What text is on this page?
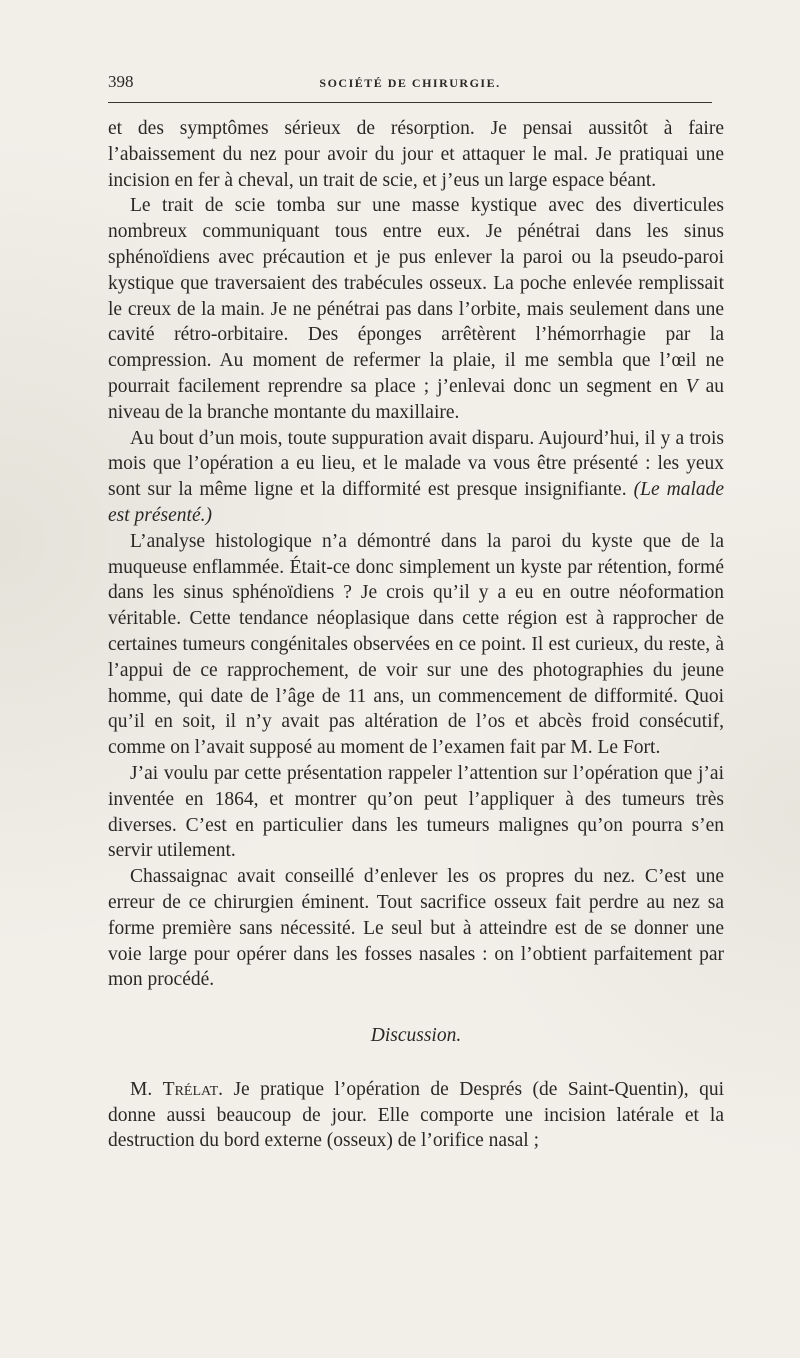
398	SOCIÉTÉ DE CHIRURGIE.

et des symptômes sérieux de résorption. Je pensai aussitôt à faire l’abaissement du nez pour avoir du jour et attaquer le mal. Je pratiquai une incision en fer à cheval, un trait de scie, et j’eus un large espace béant.

Le trait de scie tomba sur une masse kystique avec des diverticules nombreux communiquant tous entre eux. Je pénétrai dans les sinus sphénoïdiens avec précaution et je pus enlever la paroi ou la pseudo-paroi kystique que traversaient des trabécules osseux. La poche enlevée remplissait le creux de la main. Je ne pénétrai pas dans l’orbite, mais seulement dans une cavité rétro-orbitaire. Des éponges arrêtèrent l’hémorrhagie par la compression. Au moment de refermer la plaie, il me sembla que l’œil ne pourrait facilement reprendre sa place ; j’enlevai donc un segment en V au niveau de la branche montante du maxillaire.

Au bout d’un mois, toute suppuration avait disparu. Aujourd’hui, il y a trois mois que l’opération a eu lieu, et le malade va vous être présenté : les yeux sont sur la même ligne et la difformité est presque insignifiante. (Le malade est présenté.)

L’analyse histologique n’a démontré dans la paroi du kyste que de la muqueuse enflammée. Était-ce donc simplement un kyste par rétention, formé dans les sinus sphénoïdiens ? Je crois qu’il y a eu en outre néoformation véritable. Cette tendance néoplasique dans cette région est à rapprocher de certaines tumeurs congénitales observées en ce point. Il est curieux, du reste, à l’appui de ce rapprochement, de voir sur une des photographies du jeune homme, qui date de l’âge de 11 ans, un commencement de difformité. Quoi qu’il en soit, il n’y avait pas altération de l’os et abcès froid consécutif, comme on l’avait supposé au moment de l’examen fait par M. Le Fort.

J’ai voulu par cette présentation rappeler l’attention sur l’opération que j’ai inventée en 1864, et montrer qu’on peut l’appliquer à des tumeurs très diverses. C’est en particulier dans les tumeurs malignes qu’on pourra s’en servir utilement.

Chassaignac avait conseillé d’enlever les os propres du nez. C’est une erreur de ce chirurgien éminent. Tout sacrifice osseux fait perdre au nez sa forme première sans nécessité. Le seul but à atteindre est de se donner une voie large pour opérer dans les fosses nasales : on l’obtient parfaitement par mon procédé.

Discussion.

M. Trélat. Je pratique l’opération de Després (de Saint-Quentin), qui donne aussi beaucoup de jour. Elle comporte une incision latérale et la destruction du bord externe (osseux) de l’orifice nasal ;
